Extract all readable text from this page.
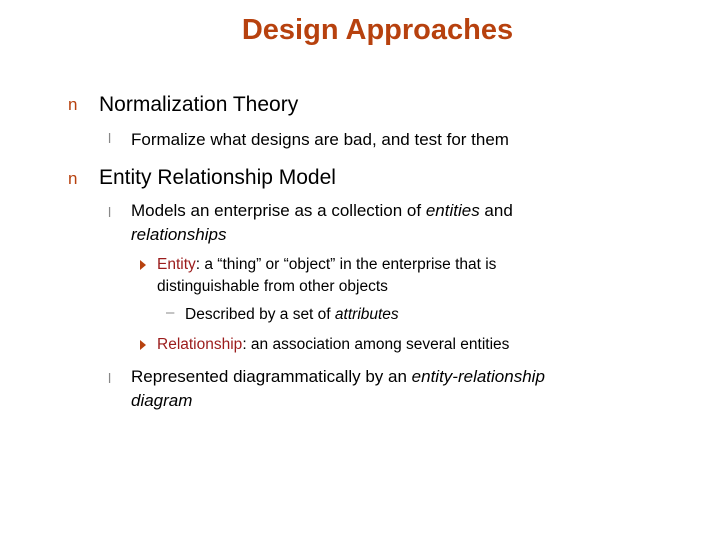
Design Approaches
n Normalization Theory
l Formalize what designs are bad, and test for them
n Entity Relationship Model
l Models an enterprise as a collection of entities and
relationships
Entity: a “thing” or “object” in the enterprise that is
distinguishable from other objects
– Described by a set of attributes
Relationship: an association among several entities
l Represented diagrammatically by an entity-relationship
diagram
